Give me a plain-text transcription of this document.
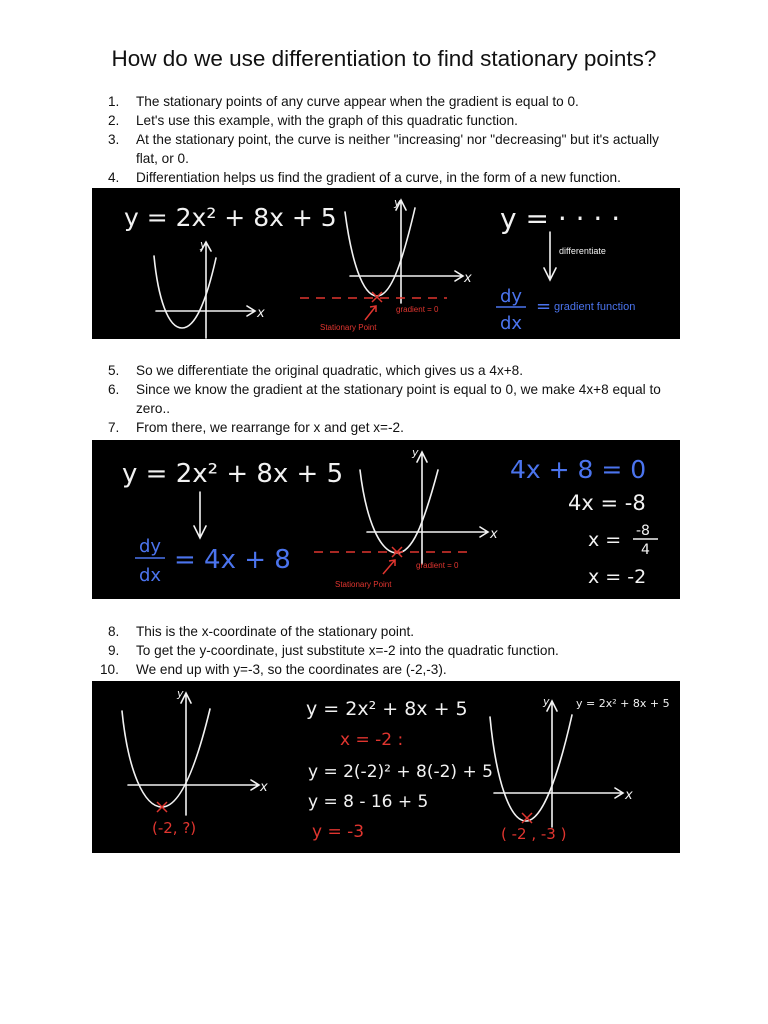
How do we use differentiation to find stationary points?
1. The stationary points of any curve appear when the gradient is equal to 0.
2. Let's use this example, with the graph of this quadratic function.
3. At the stationary point, the curve is neither "increasing' nor "decreasing" but it's actually flat, or 0.
4. Differentiation helps us find the gradient of a curve, in the form of a new function.
y = 2x² + 8x + 5
x
y
x
y
gradient = 0
Stationary Point
y = · · · ·
differentiate
dy
dx
= gradient function
5. So we differentiate the original quadratic, which gives us a 4x+8.
6. Since we know the gradient at the stationary point is equal to 0, we make 4x+8 equal to zero..
7. From there, we rearrange for x and get x=-2.
y = 2x² + 8x + 5
dy
dx
= 4x + 8
x
y
gradient = 0
Stationary Point
4x + 8 = 0
4x = -8
x = -8
4
x = -2
8. This is the x-coordinate of the stationary point.
9. To get the y-coordinate, just substitute x=-2 into the quadratic function.
10. We end up with y=-3, so the coordinates are (-2,-3).
x
y
(-2, ?)
y = 2x² + 8x + 5
x = -2 :
y = 2(-2)² + 8(-2) + 5
y = 8 - 16 + 5
y = -3
x
y y = 2x² + 8x + 5
( -2 , -3 )
